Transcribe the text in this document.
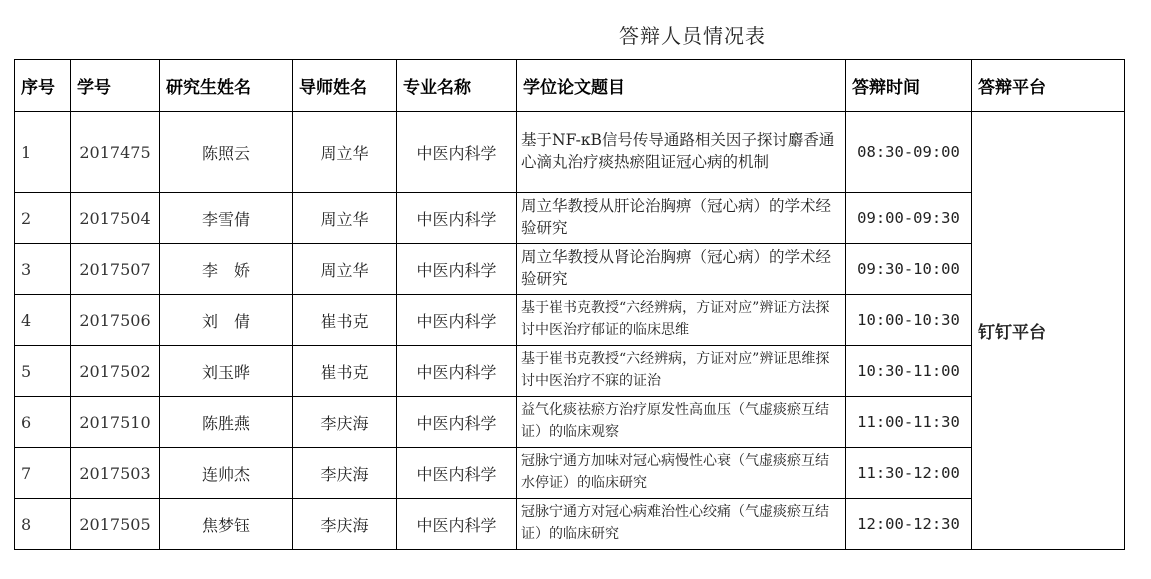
答辩人员情况表
序号	学号	研究生姓名	导师姓名	专业名称	学位论文题目	答辩时间	答辩平台
1	2017475	陈照云	周立华	中医内科学	基于NF-κB信号传导通路相关因子探讨麝香通心滴丸治疗痰热瘀阻证冠心病的机制	08:30-09:00	钉钉平台
2	2017504	李雪倩	周立华	中医内科学	周立华教授从肝论治胸痹（冠心病）的学术经验研究	09:00-09:30	
3	2017507	李　娇	周立华	中医内科学	周立华教授从肾论治胸痹（冠心病）的学术经验研究	09:30-10:00	
4	2017506	刘　倩	崔书克	中医内科学	基于崔书克教授“六经辨病，方证对应”辨证方法探讨中医治疗郁证的临床思维	10:00-10:30	
5	2017502	刘玉晔	崔书克	中医内科学	基于崔书克教授“六经辨病，方证对应”辨证思维探讨中医治疗不寐的证治	10:30-11:00	
6	2017510	陈胜燕	李庆海	中医内科学	益气化痰祛瘀方治疗原发性高血压（气虚痰瘀互结证）的临床观察	11:00-11:30	
7	2017503	连帅杰	李庆海	中医内科学	冠脉宁通方加味对冠心病慢性心衰（气虚痰瘀互结水停证）的临床研究	11:30-12:00	
8	2017505	焦梦钰	李庆海	中医内科学	冠脉宁通方对冠心病难治性心绞痛（气虚痰瘀互结证）的临床研究	12:00-12:30	
